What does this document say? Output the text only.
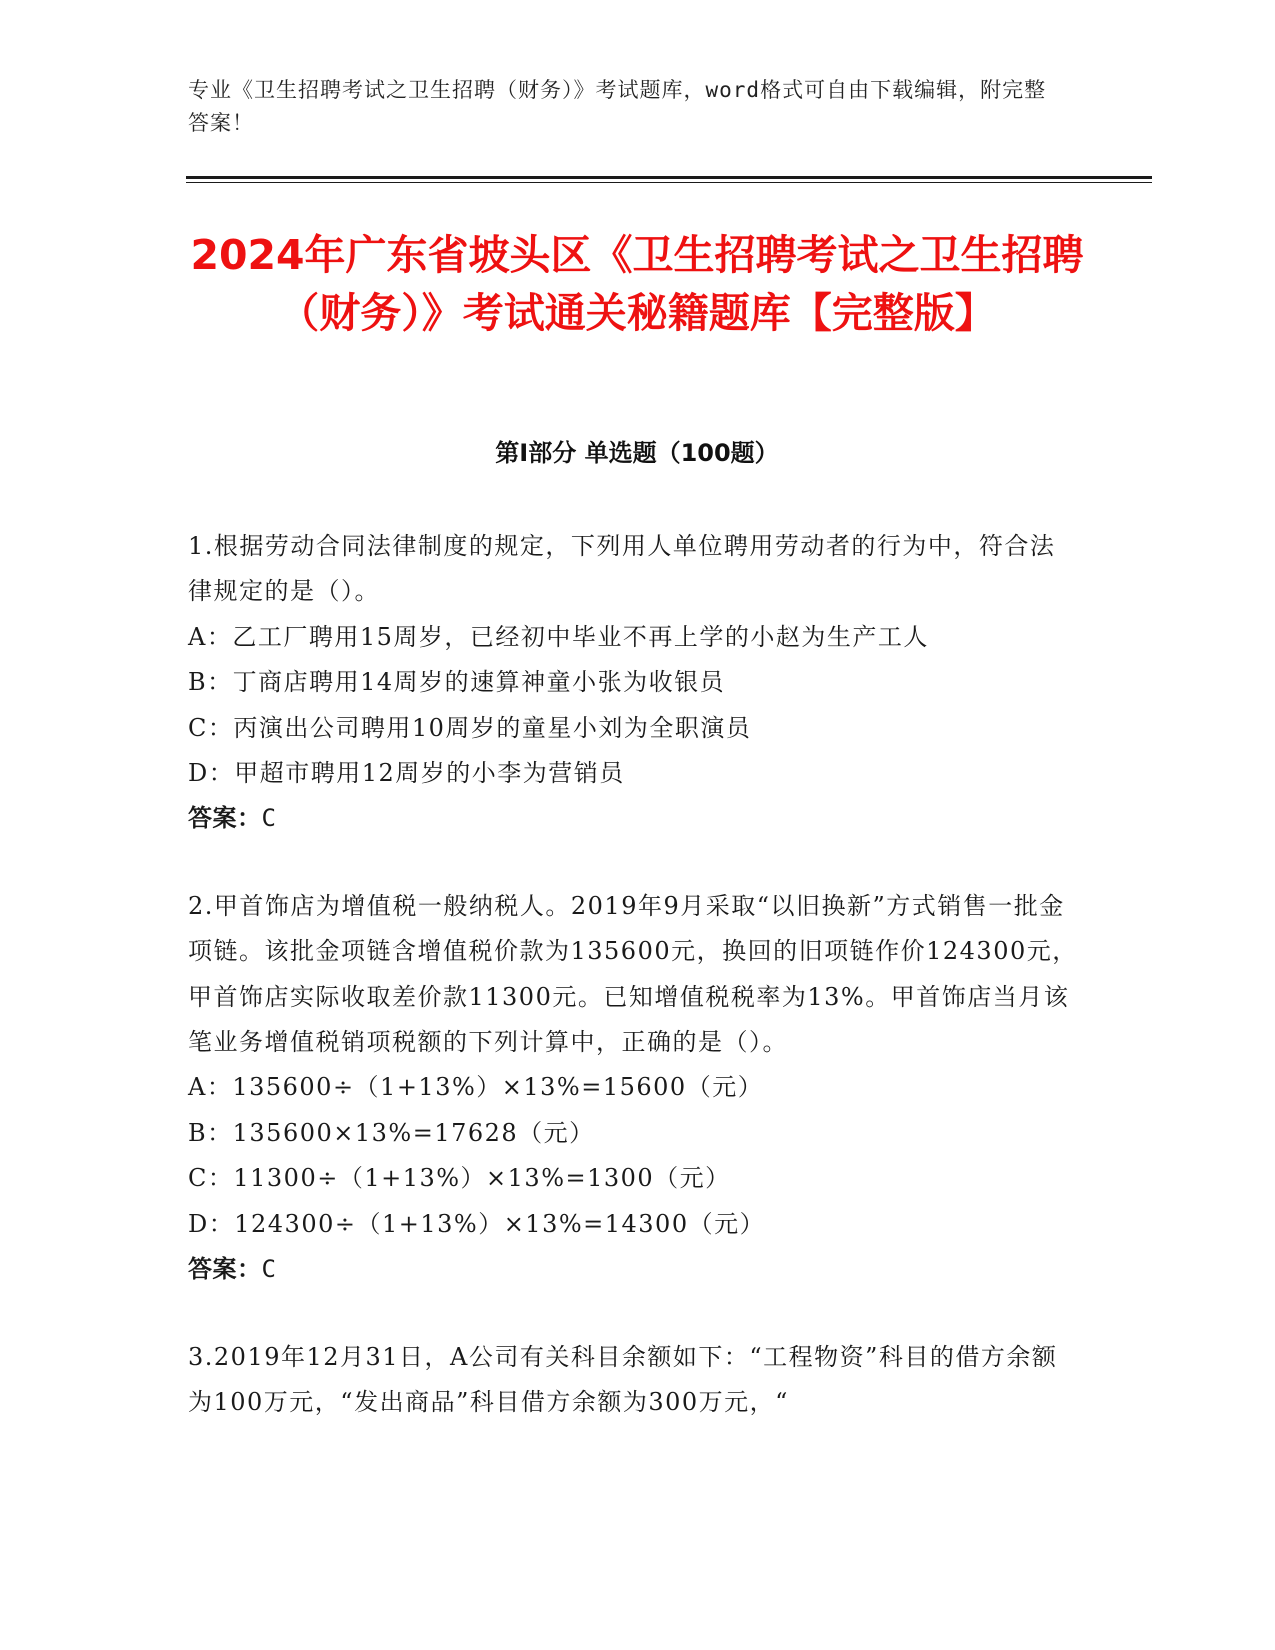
专业《卫生招聘考试之卫生招聘（财务）》考试题库，word格式可自由下载编辑，附完整答案！
2024年广东省坡头区《卫生招聘考试之卫生招聘（财务）》考试通关秘籍题库【完整版】
第I部分 单选题（100题）

1.根据劳动合同法律制度的规定，下列用人单位聘用劳动者的行为中，符合法律规定的是（）。

A：乙工厂聘用15周岁，已经初中毕业不再上学的小赵为生产工人

B：丁商店聘用14周岁的速算神童小张为收银员

C：丙演出公司聘用10周岁的童星小刘为全职演员

D：甲超市聘用12周岁的小李为营销员

答案：C

2.甲首饰店为增值税一般纳税人。2019年9月采取“以旧换新”方式销售一批金项链。该批金项链含增值税价款为135600元，换回的旧项链作价124300元，甲首饰店实际收取差价款11300元。已知增值税税率为13%。甲首饰店当月该笔业务增值税销项税额的下列计算中，正确的是（）。

A：135600÷（1+13%）×13%=15600（元）

B：135600×13%=17628（元）

C：11300÷（1+13%）×13%=1300（元）

D：124300÷（1+13%）×13%=14300（元）

答案：C

3.2019年12月31日，A公司有关科目余额如下：“工程物资”科目的借方余额为100万元，“发出商品”科目借方余额为300万元，“
